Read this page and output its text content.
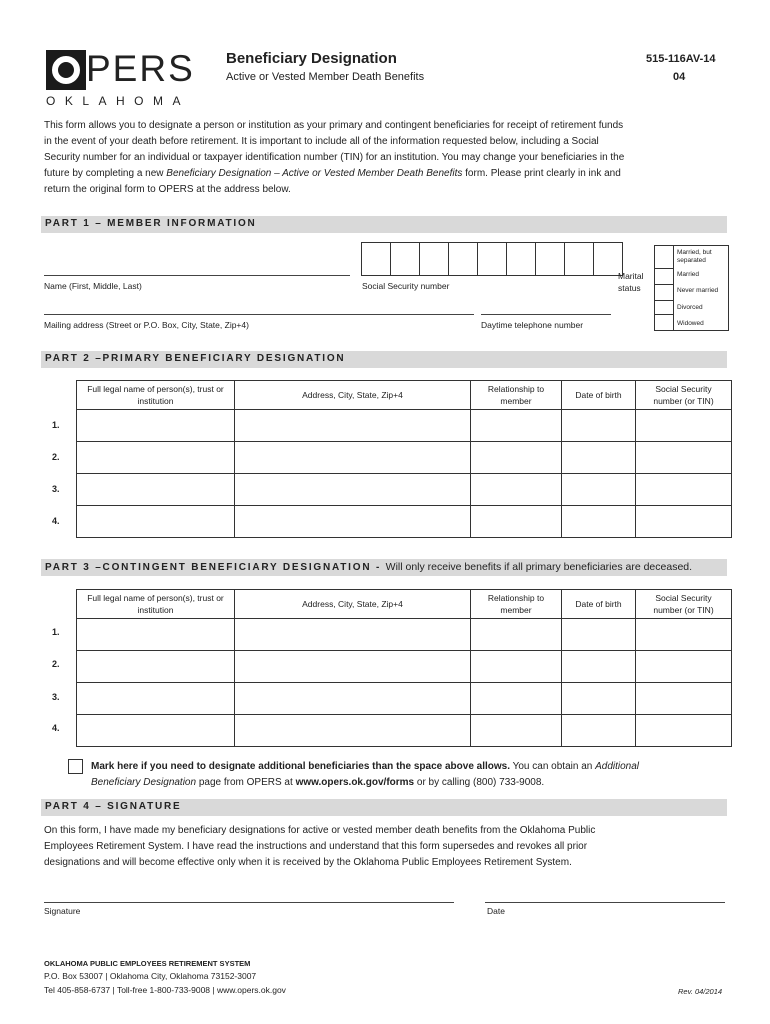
PERS
OKLAHOMA
Beneficiary Designation
Active or Vested Member Death Benefits
515-116AV-14
04
This form allows you to designate a person or institution as your primary and contingent beneficiaries for receipt of retirement funds
in the event of your death before retirement. It is important to include all of the information requested below, including a Social
Security number for an individual or taxpayer identification number (TIN) for an institution. You may change your beneficiaries in the
future by completing a new Beneficiary Designation – Active or Vested Member Death Benefits form. Please print clearly in ink and
return the original form to OPERS at the address below.
PART 1 – MEMBER INFORMATION
Name (First, Middle, Last)
									Social Security number
Marital
status
Married, but separated
Married
Never married
Divorced
Widowed
Mailing address (Street or P.O. Box, City, State, Zip+4)	Daytime telephone number
PART 2 –PRIMARY BENEFICIARY DESIGNATION
Full legal name of person(s), trust or institution	Address, City, State, Zip+4	Relationship to member	Date of birth	Social Security number (or TIN)

1.
2.
3.
4.
PART 3 –CONTINGENT BENEFICIARY DESIGNATION - Will only receive benefits if all primary beneficiaries are deceased.
Full legal name of person(s), trust or institution	Address, City, State, Zip+4	Relationship to member	Date of birth	Social Security number (or TIN)

1.
2.
3.
4.
Mark here if you need to designate additional beneficiaries than the space above allows. You can obtain an Additional
Beneficiary Designation page from OPERS at www.opers.ok.gov/forms or by calling (800) 733-9008.
PART 4 – SIGNATURE
On this form, I have made my beneficiary designations for active or vested member death benefits from the Oklahoma Public
Employees Retirement System. I have read the instructions and understand that this form supersedes and revokes all prior
designations and will become effective only when it is received by the Oklahoma Public Employees Retirement System.
Signature	Date
OKLAHOMA PUBLIC EMPLOYEES RETIREMENT SYSTEM
P.O. Box 53007 | Oklahoma City, Oklahoma 73152-3007
Tel 405-858-6737 | Toll-free 1-800-733-9008 | www.opers.ok.gov	Rev. 04/2014
